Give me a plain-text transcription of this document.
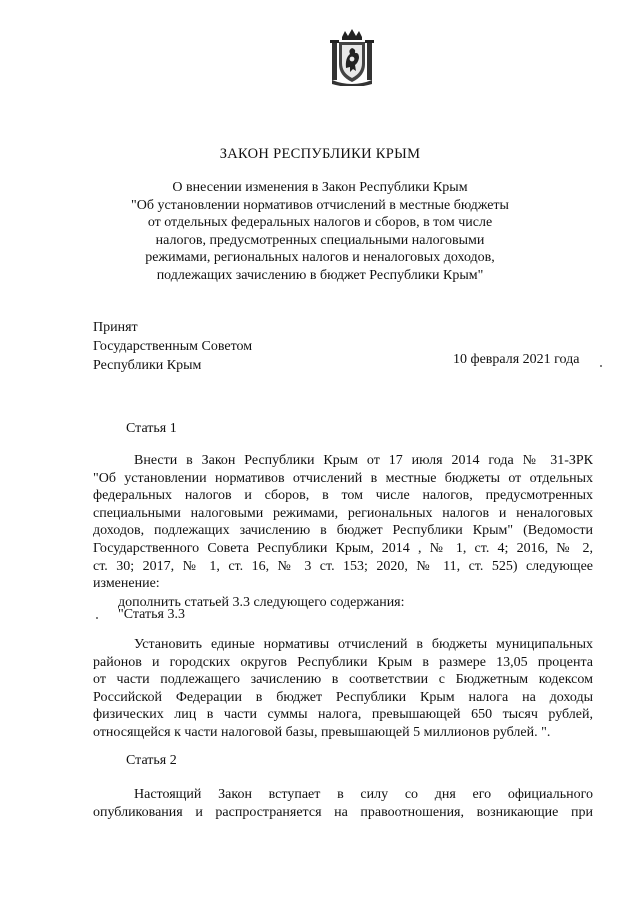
ЗАКОН РЕСПУБЛИКИ КРЫМ
О внесении изменения в Закон Республики Крым
"Об установлении нормативов отчислений в местные бюджеты
от отдельных федеральных налогов и сборов, в том числе
налогов, предусмотренных специальными налоговыми
режимами, региональных налогов и неналоговых доходов,
подлежащих зачислению в бюджет Республики Крым"
Принят
Государственным Советом
Республики Крым	10 февраля 2021 года
Статья 1
Внести в Закон Республики Крым от 17 июля 2014 года № 31-ЗРК
"Об установлении нормативов отчислений в местные бюджеты от отдельных
федеральных налогов и сборов, в том числе налогов, предусмотренных
специальными налоговыми режимами, региональных налогов и неналоговых
доходов, подлежащих зачислению в бюджет Республики Крым" (Ведомости
Государственного Совета Республики Крым, 2014 , № 1, ст. 4; 2016, № 2,
ст. 30; 2017, № 1, ст. 16, № 3 ст. 153; 2020, № 11, ст. 525) следующее
изменение:
дополнить статьей 3.3 следующего содержания:
"Статья 3.3
Установить единые нормативы отчислений в бюджеты муниципальных
районов и городских округов Республики Крым в размере 13,05 процента
от части подлежащего зачислению в соответствии с Бюджетным кодексом
Российской Федерации в бюджет Республики Крым налога на доходы
физических лиц в части суммы налога, превышающей 650 тысяч рублей,
относящейся к части налоговой базы, превышающей 5 миллионов рублей. ".
Статья 2
Настоящий Закон вступает в силу со дня его официального
опубликования и распространяется на правоотношения, возникающие при
